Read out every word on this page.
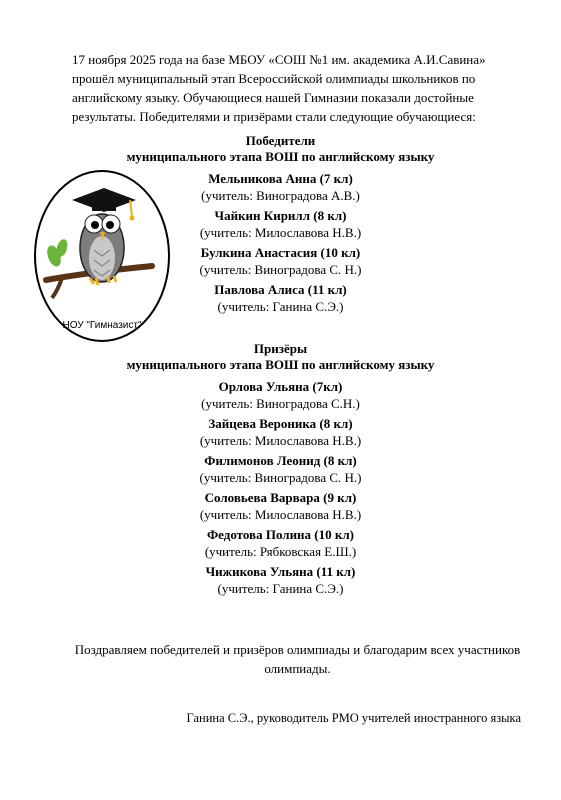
17 ноября 2025 года на базе МБОУ «СОШ №1 им. академика А.И.Савина» прошёл муниципальный этап Всероссийской олимпиады школьников по английскому языку. Обучающиеся нашей Гимназии показали достойные результаты. Победителями и призёрами стали следующие обучающиеся:

НОУ "Гимназист"
Победители
муниципального этапа ВОШ по английскому языку
Мельникова Анна (7 кл)
(учитель: Виноградова А.В.)
Чайкин Кирилл (8 кл)
(учитель: Милославова Н.В.)
Булкина Анастасия (10 кл)
(учитель: Виноградова С. Н.)
Павлова Алиса (11 кл)
(учитель: Ганина С.Э.)
Призёры
муниципального этапа ВОШ по английскому языку
Орлова Ульяна (7кл)
(учитель: Виноградова С.Н.)
Зайцева Вероника (8 кл)
(учитель: Милославова Н.В.)
Филимонов Леонид (8 кл)
(учитель: Виноградова С. Н.)
Соловьева Варвара (9 кл)
(учитель: Милославова Н.В.)
Федотова Полина (10 кл)
(учитель: Рябковская Е.Ш.)
Чижикова Ульяна (11 кл)
(учитель: Ганина С.Э.)
Поздравляем победителей и призёров олимпиады и благодарим всех участников олимпиады.
Ганина С.Э., руководитель РМО учителей иностранного языка
